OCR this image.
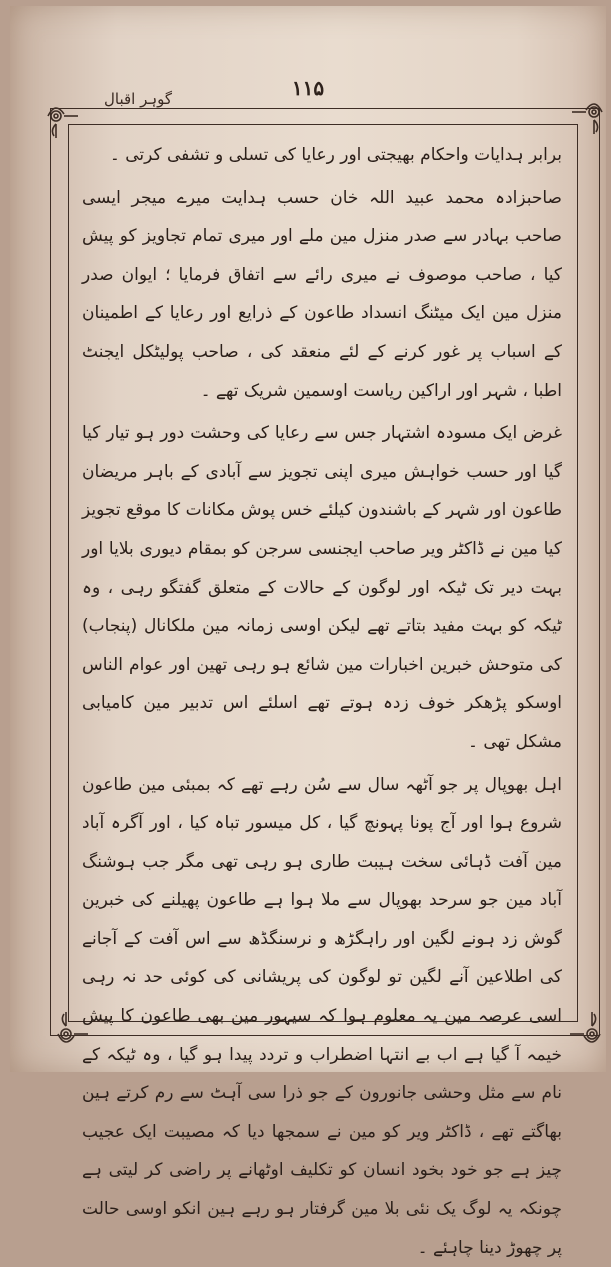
گوہر اقبال	۱۱۵

برابر ہدایات واحکام بھیجتی اور رعایا کی تسلی و تشفی کرتی ۔

صاحبزادہ محمد عبید اللہ خان حسب ہدایت میرے میجر ایسی صاحب بہادر سے صدر منزل مین ملے اور میری تمام تجاویز کو پیش کیا ، صاحب موصوف نے میری رائے سے اتفاق فرمایا ؛ ایوان صدر منزل مین ایک میٹنگ انسداد طاعون کے ذرایع اور رعایا کے اطمینان کے اسباب پر غور کرنے کے لئے منعقد کی ، صاحب پولیٹکل ایجنٹ اطبا ، شہر اور اراکین ریاست اوسمین شریک تھے ۔

غرض ایک مسودہ اشتہار جس سے رعایا کی وحشت دور ہو تیار کیا گیا اور حسب خواہش میری اپنی تجویز سے آبادی کے باہر مریضان طاعون اور شہر کے باشندون کیلئے خس پوش مکانات کا موقع تجویز کیا مین نے ڈاکٹر ویر صاحب ایجنسی سرجن کو بمقام دیوری بلایا اور بہت دیر تک ٹیکہ اور لوگون کے حالات کے متعلق گفتگو رہی ، وہ ٹیکہ کو بہت مفید بتاتے تھے لیکن اوسی زمانہ مین ملکانال (پنجاب) کی متوحش خبرین اخبارات مین شائع ہو رہی تھین اور عوام الناس اوسکو پڑھکر خوف زدہ ہوتے تھے اسلئے اس تدبیر مین کامیابی مشکل تھی ۔

اہل بھوپال پر جو آٹھہ سال سے سُن رہے تھے کہ بمبئی مین طاعون شروع ہوا اور آج پونا پہونچ گیا ، کل میسور تباہ کیا ، اور آگرہ آباد مین آفت ڈہائی سخت ہیبت طاری ہو رہی تھی مگر جب ہوشنگ آباد مین جو سرحد بھوپال سے ملا ہوا ہے طاعون پھیلنے کی خبرین گوش زد ہونے لگین اور راہگڑھ و نرسنگڈھ سے اس آفت کے آجانے کی اطلاعین آنے لگین تو لوگون کی پریشانی کی کوئی حد نہ رہی اسی عرصہ مین یہ معلوم ہوا کہ سیہور مین بھی طاعون کا پیش خیمہ آ گیا ہے اب بے انتہا اضطراب و تردد پیدا ہو گیا ، وہ ٹیکہ کے نام سے مثل وحشی جانورون کے جو ذرا سی آہٹ سے رم کرتے ہین بھاگتے تھے ، ڈاکٹر ویر کو مین نے سمجھا دیا کہ مصیبت ایک عجیب چیز ہے جو خود بخود انسان کو تکلیف اوٹھانے پر راضی کر لیتی ہے چونکہ یہ لوگ یک نئی بلا مین گرفتار ہو رہے ہین انکو اوسی حالت پر چھوڑ دینا چاہئے ۔
